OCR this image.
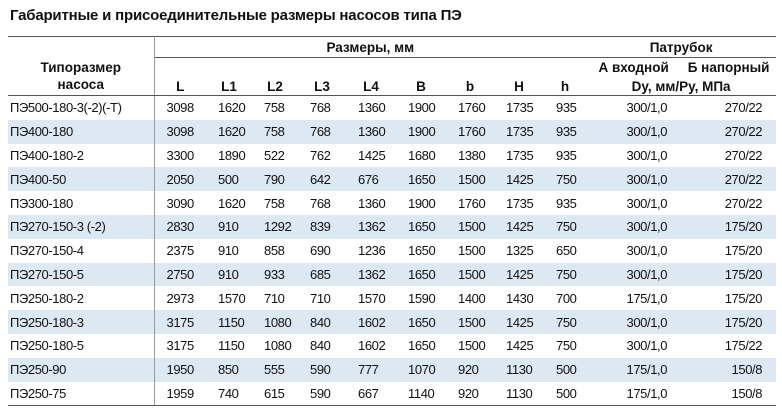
Габаритные и присоединительные размеры насосов типа ПЭ
Типоразмер
насоса	Размеры, мм									Патрубок	
	L	L1	L2	L3	L4	B	b	H	h	А входной	Б напорный
										Dy, мм/Py, МПа	
ПЭ500-180-3(-2)(-Т)	3098	1620	758	768	1360	1900	1760	1735	935	300/1,0	270/22
ПЭ400-180	3098	1620	758	768	1360	1900	1760	1735	935	300/1,0	270/22
ПЭ400-180-2	3300	1890	522	762	1425	1680	1380	1735	935	300/1,0	270/22
ПЭ400-50	2050	500	790	642	676	1650	1500	1425	750	300/1,0	270/22
ПЭ300-180	3090	1620	758	768	1360	1900	1760	1735	935	300/1,0	270/22
ПЭ270-150-3 (-2)	2830	910	1292	839	1362	1650	1500	1425	750	300/1,0	175/20
ПЭ270-150-4	2375	910	858	690	1236	1650	1500	1325	650	300/1,0	175/20
ПЭ270-150-5	2750	910	933	685	1362	1650	1500	1425	750	300/1,0	175/20
ПЭ250-180-2	2973	1570	710	710	1570	1590	1400	1430	700	175/1,0	175/20
ПЭ250-180-3	3175	1150	1080	840	1602	1650	1500	1425	750	300/1,0	175/20
ПЭ250-180-5	3175	1150	1080	840	1602	1650	1500	1425	750	300/1,0	175/22
ПЭ250-90	1950	850	555	590	777	1070	920	1130	500	175/1,0	150/8
ПЭ250-75	1959	740	615	590	667	1140	920	1130	500	175/1,0	150/8
